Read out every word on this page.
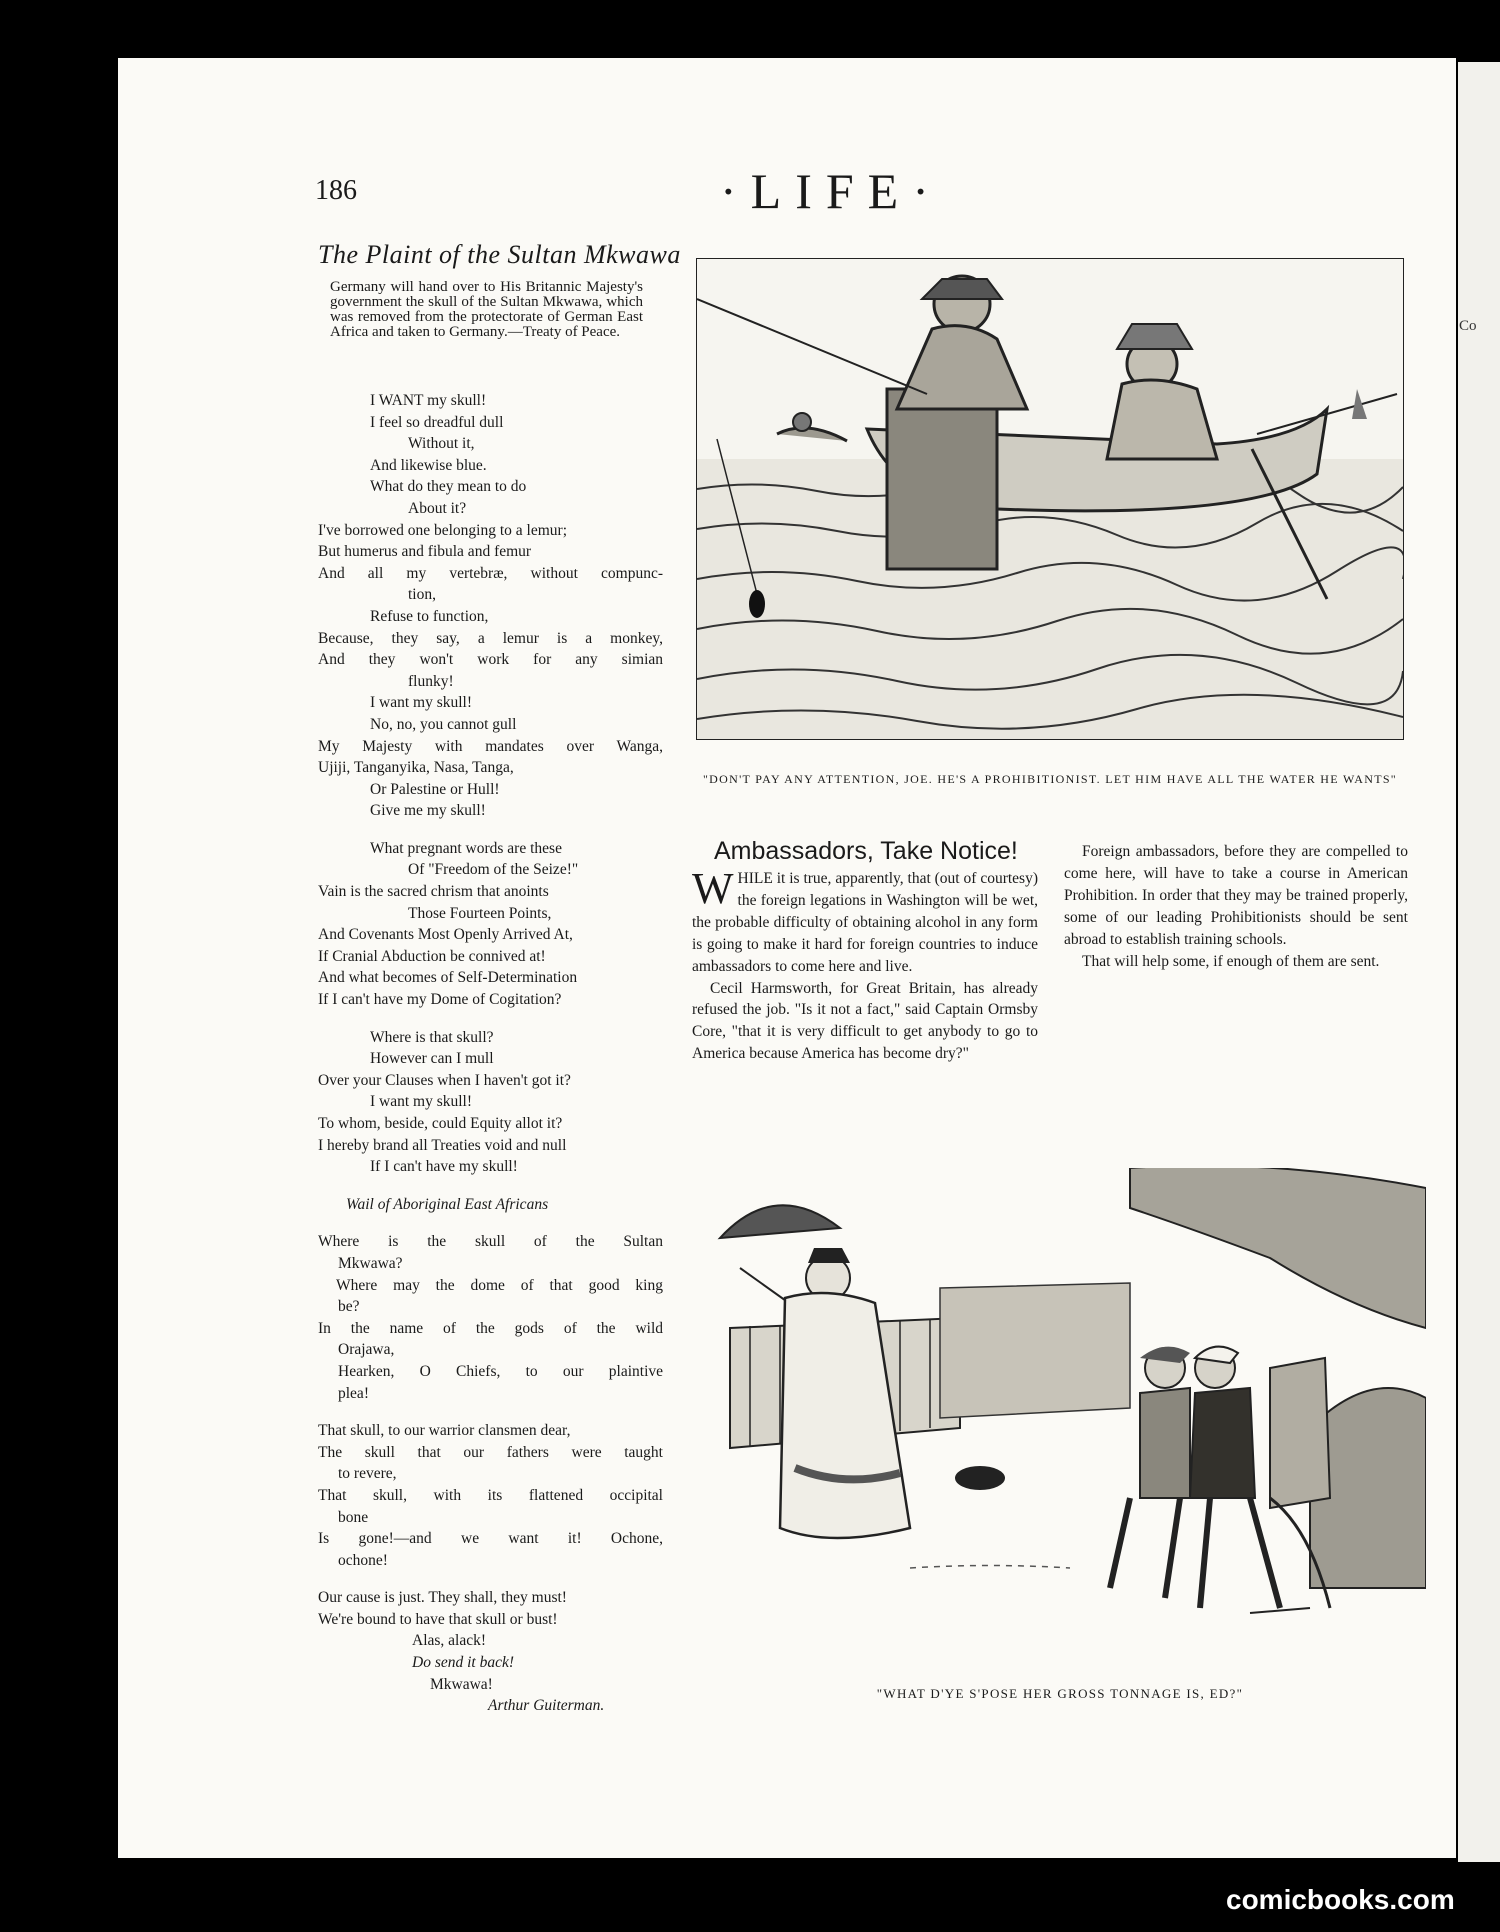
Co
186	·LIFE·
The Plaint of the Sultan Mkwawa
Germany will hand over to His Britannic Majesty's government the skull of the Sultan Mkwawa, which was removed from the protectorate of German East Africa and taken to Germany.—Treaty of Peace.
I WANT my skull!
I feel so dreadful dull
Without it,
And likewise blue.
What do they mean to do
About it?
I've borrowed one belonging to a lemur;
But humerus and fibula and femur
And all my vertebræ, without compunc-
tion,
Refuse to function,
Because, they say, a lemur is a monkey,
And they won't work for any simian
flunky!
I want my skull!
No, no, you cannot gull
My Majesty with mandates over Wanga,
Ujiji, Tanganyika, Nasa, Tanga,
Or Palestine or Hull!
Give me my skull!
What pregnant words are these
Of "Freedom of the Seize!"
Vain is the sacred chrism that anoints
Those Fourteen Points,
And Covenants Most Openly Arrived At,
If Cranial Abduction be connived at!
And what becomes of Self-Determination
If I can't have my Dome of Cogitation?
Where is that skull?
However can I mull
Over your Clauses when I haven't got it?
I want my skull!
To whom, beside, could Equity allot it?
I hereby brand all Treaties void and null
If I can't have my skull!
Wail of Aboriginal East Africans
Where is the skull of the Sultan
Mkwawa?
Where may the dome of that good king
be?
In the name of the gods of the wild
Orajawa,
Hearken, O Chiefs, to our plaintive
plea!
That skull, to our warrior clansmen dear,
The skull that our fathers were taught
to revere,
That skull, with its flattened occipital
bone
Is gone!—and we want it! Ochone,
ochone!
Our cause is just. They shall, they must!
We're bound to have that skull or bust!
Alas, alack!
Do send it back!
Mkwawa!
Arthur Guiterman.
"DON'T PAY ANY ATTENTION, JOE. HE'S A PROHIBITIONIST. LET HIM HAVE ALL THE WATER HE WANTS"
Ambassadors, Take Notice!

WHILE it is true, apparently, that (out of courtesy) the foreign legations in Washington will be wet, the probable difficulty of obtaining alcohol in any form is going to make it hard for foreign countries to induce ambassadors to come here and live.

Cecil Harmsworth, for Great Britain, has already refused the job. "Is it not a fact," said Captain Ormsby Core, "that it is very difficult to get anybody to go to America because America has become dry?"

Foreign ambassadors, before they are compelled to come here, will have to take a course in American Prohibition. In order that they may be trained properly, some of our leading Prohibitionists should be sent abroad to establish training schools.

That will help some, if enough of them are sent.

"WHAT D'YE S'POSE HER GROSS TONNAGE IS, ED?"
comicbooks.com
